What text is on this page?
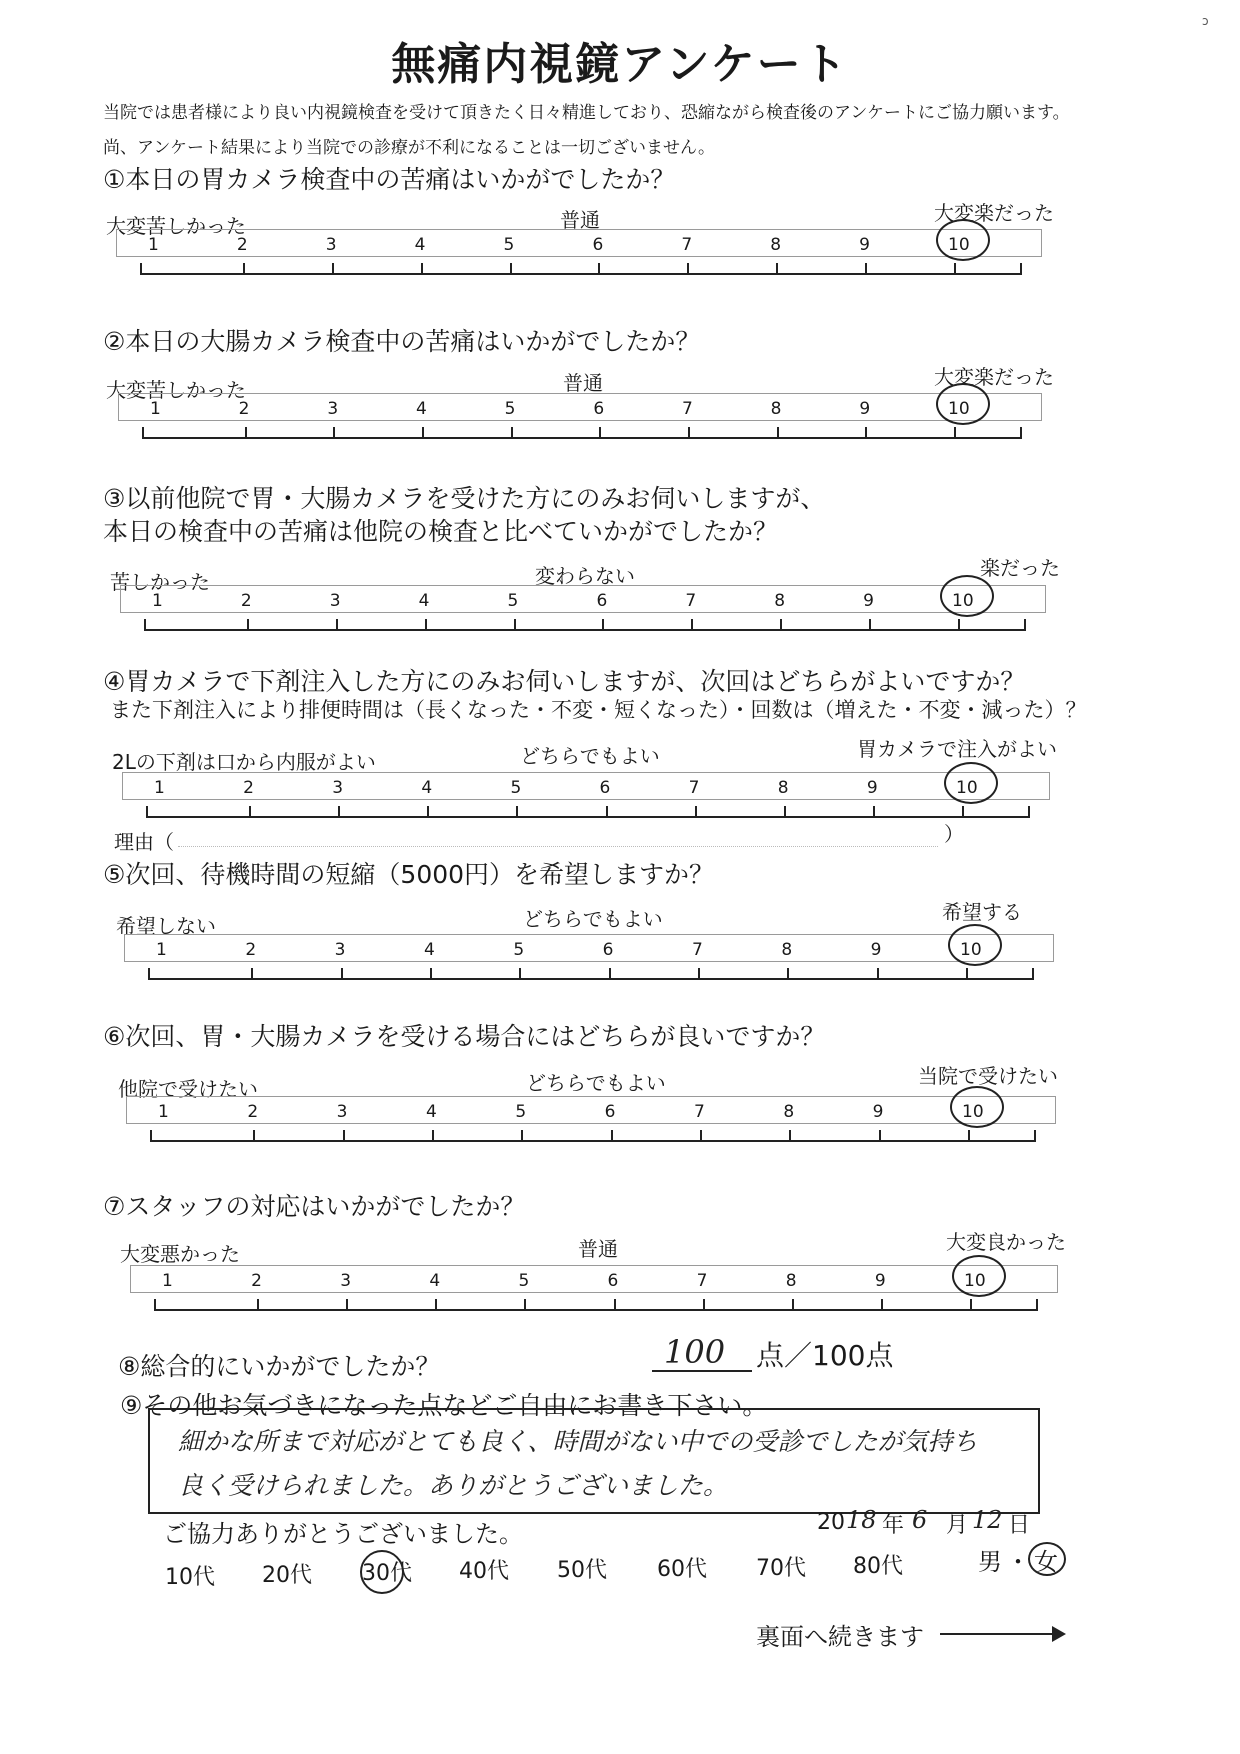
無痛内視鏡アンケート
ↄ
当院では患者様により良い内視鏡検査を受けて頂きたく日々精進しており、恐縮ながら検査後のアンケートにご協力願います。
尚、アンケート結果により当院での診療が不利になることは一切ございません。
①本日の胃カメラ検査中の苦痛はいかがでしたか？
大変苦しかった	普通	大変楽だった
②本日の大腸カメラ検査中の苦痛はいかがでしたか？
大変苦しかった	普通	大変楽だった
③以前他院で胃・大腸カメラを受けた方にのみお伺いしますが、
本日の検査中の苦痛は他院の検査と比べていかがでしたか？
苦しかった	変わらない	楽だった
④胃カメラで下剤注入した方にのみお伺いしますが、次回はどちらがよいですか？
また下剤注入により排便時間は（長くなった・不変・短くなった）・回数は（増えた・不変・減った）？
2Lの下剤は口から内服がよい	どちらでもよい	胃カメラで注入がよい
理由（	）
⑤次回、待機時間の短縮（5000円）を希望しますか？
希望しない	どちらでもよい	希望する
⑥次回、胃・大腸カメラを受ける場合にはどちらが良いですか？
他院で受けたい	どちらでもよい	当院で受けたい
⑦スタッフの対応はいかがでしたか？
大変悪かった	普通	大変良かった
⑧総合的にいかがでしたか？	100 点／100点
⑨その他お気づきになった点などご自由にお書き下さい。
細かな所まで対応がとても良く、時間がない中での受診でしたが気持ち
良く受けられました。ありがとうございました。
ご協力ありがとうございました。	20 18 年 6 月 12 日
10代 20代 30代 40代 50代 60代 70代 80代	男 ・ 女
裏面へ続きます
1	2	3	4	5	6	7	8	9	10
1	2	3	4	5	6	7	8	9	10
1	2	3	4	5	6	7	8	9	10
1	2	3	4	5	6	7	8	9	10
1	2	3	4	5	6	7	8	9	10
1	2	3	4	5	6	7	8	9	10
1	2	3	4	5	6	7	8	9	10
